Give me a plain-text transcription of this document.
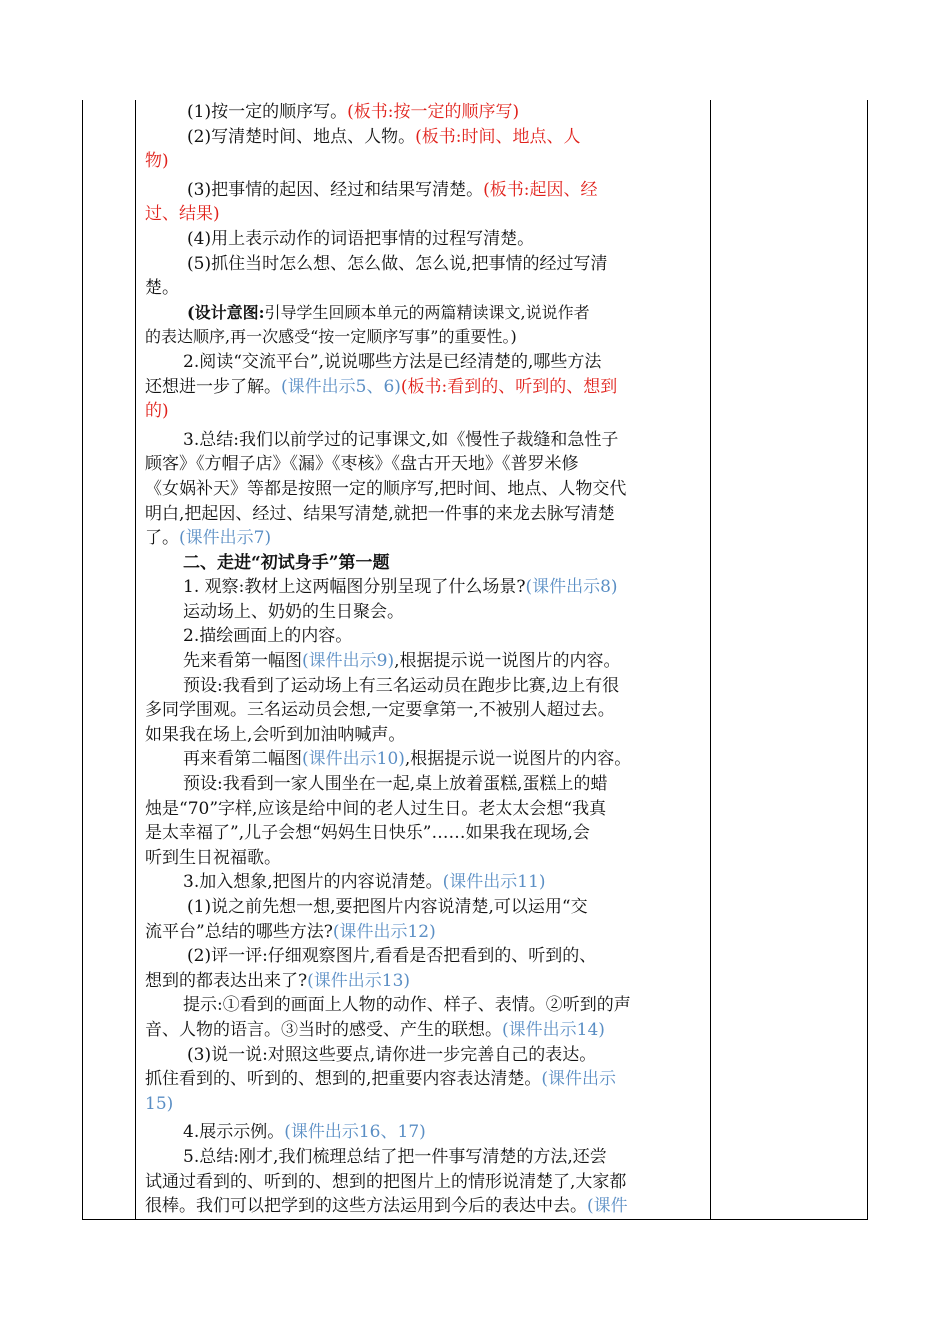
(1)按一定的顺序写。(板书:按一定的顺序写)
(2)写清楚时间、地点、人物。(板书:时间、地点、人
物)
(3)把事情的起因、经过和结果写清楚。(板书:起因、经
过、结果)
(4)用上表示动作的词语把事情的过程写清楚。
(5)抓住当时怎么想、怎么做、怎么说,把事情的经过写清
楚。
(设计意图:引导学生回顾本单元的两篇精读课文,说说作者
的表达顺序,再一次感受“按一定顺序写事”的重要性。)
2.阅读“交流平台”,说说哪些方法是已经清楚的,哪些方法
还想进一步了解。(课件出示5、6)(板书:看到的、听到的、想到
的)
3.总结:我们以前学过的记事课文,如《慢性子裁缝和急性子
顾客》《方帽子店》《漏》《枣核》《盘古开天地》《普罗米修
《女娲补天》等都是按照一定的顺序写,把时间、地点、人物交代
明白,把起因、经过、结果写清楚,就把一件事的来龙去脉写清楚
了。(课件出示7)
二、走进“初试身手”第一题
1. 观察:教材上这两幅图分别呈现了什么场景?(课件出示8)
运动场上、奶奶的生日聚会。
2.描绘画面上的内容。
先来看第一幅图(课件出示9),根据提示说一说图片的内容。
预设:我看到了运动场上有三名运动员在跑步比赛,边上有很
多同学围观。三名运动员会想,一定要拿第一,不被别人超过去。
如果我在场上,会听到加油呐喊声。
再来看第二幅图(课件出示10),根据提示说一说图片的内容。
预设:我看到一家人围坐在一起,桌上放着蛋糕,蛋糕上的蜡
烛是“70”字样,应该是给中间的老人过生日。老太太会想“我真
是太幸福了”,儿子会想“妈妈生日快乐”……如果我在现场,会
听到生日祝福歌。
3.加入想象,把图片的内容说清楚。(课件出示11)
(1)说之前先想一想,要把图片内容说清楚,可以运用“交
流平台”总结的哪些方法?(课件出示12)
(2)评一评:仔细观察图片,看看是否把看到的、听到的、
想到的都表达出来了?(课件出示13)
提示:①看到的画面上人物的动作、样子、表情。②听到的声
音、人物的语言。③当时的感受、产生的联想。(课件出示14)
(3)说一说:对照这些要点,请你进一步完善自己的表达。
抓住看到的、听到的、想到的,把重要内容表达清楚。(课件出示
15)
4.展示示例。(课件出示16、17)
5.总结:刚才,我们梳理总结了把一件事写清楚的方法,还尝
试通过看到的、听到的、想到的把图片上的情形说清楚了,大家都
很棒。我们可以把学到的这些方法运用到今后的表达中去。(课件
